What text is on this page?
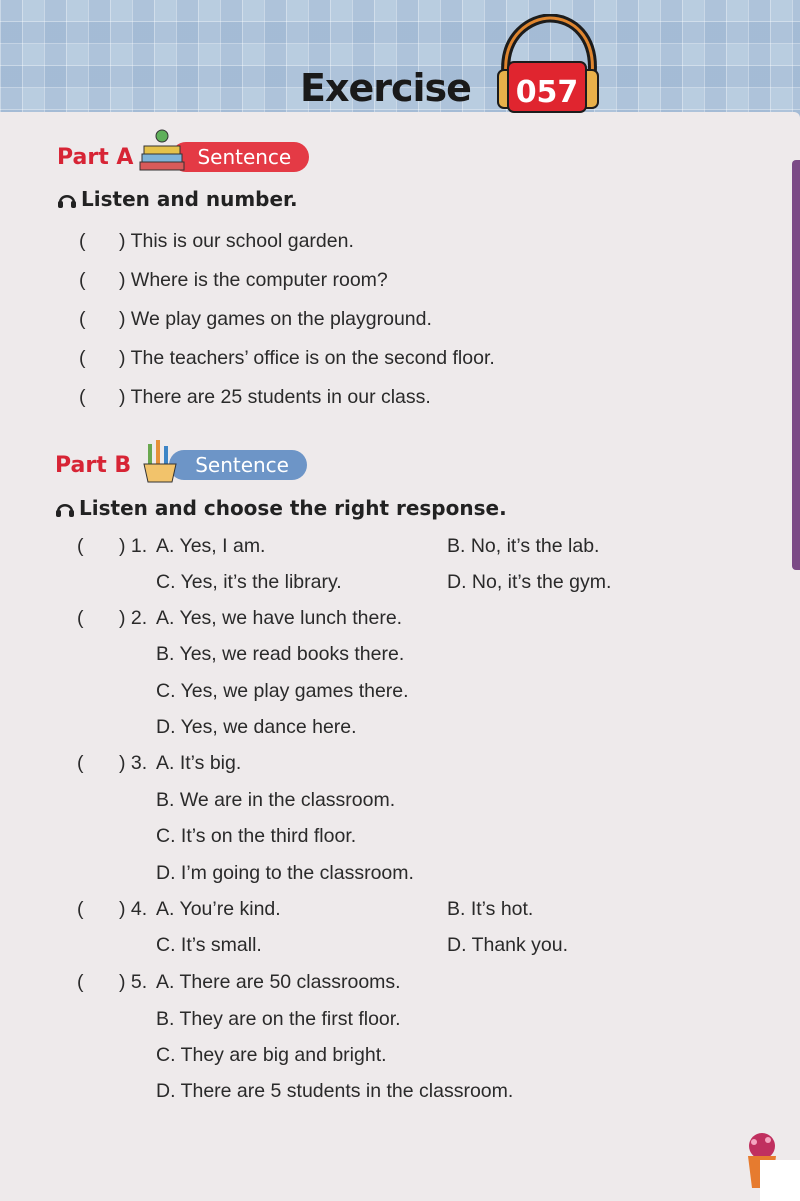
Exercise 057
Part A	Sentence
Listen and number.
( ) This is our school garden.
( ) Where is the computer room?
( ) We play games on the playground.
( ) The teachers’ office is on the second floor.
( ) There are 25 students in our class.
Part B	Sentence
Listen and choose the right response.
( ) 1. A. Yes, I am.	B. No, it’s the lab.
C. Yes, it’s the library.	D. No, it’s the gym.
( ) 2. A. Yes, we have lunch there.
B. Yes, we read books there.
C. Yes, we play games there.
D. Yes, we dance here.
( ) 3. A. It’s big.
B. We are in the classroom.
C. It’s on the third floor.
D. I’m going to the classroom.
( ) 4. A. You’re kind.	B. It’s hot.
C. It’s small.	D. Thank you.
( ) 5. A. There are 50 classrooms.
B. They are on the first floor.
C. They are big and bright.
D. There are 5 students in the classroom.
